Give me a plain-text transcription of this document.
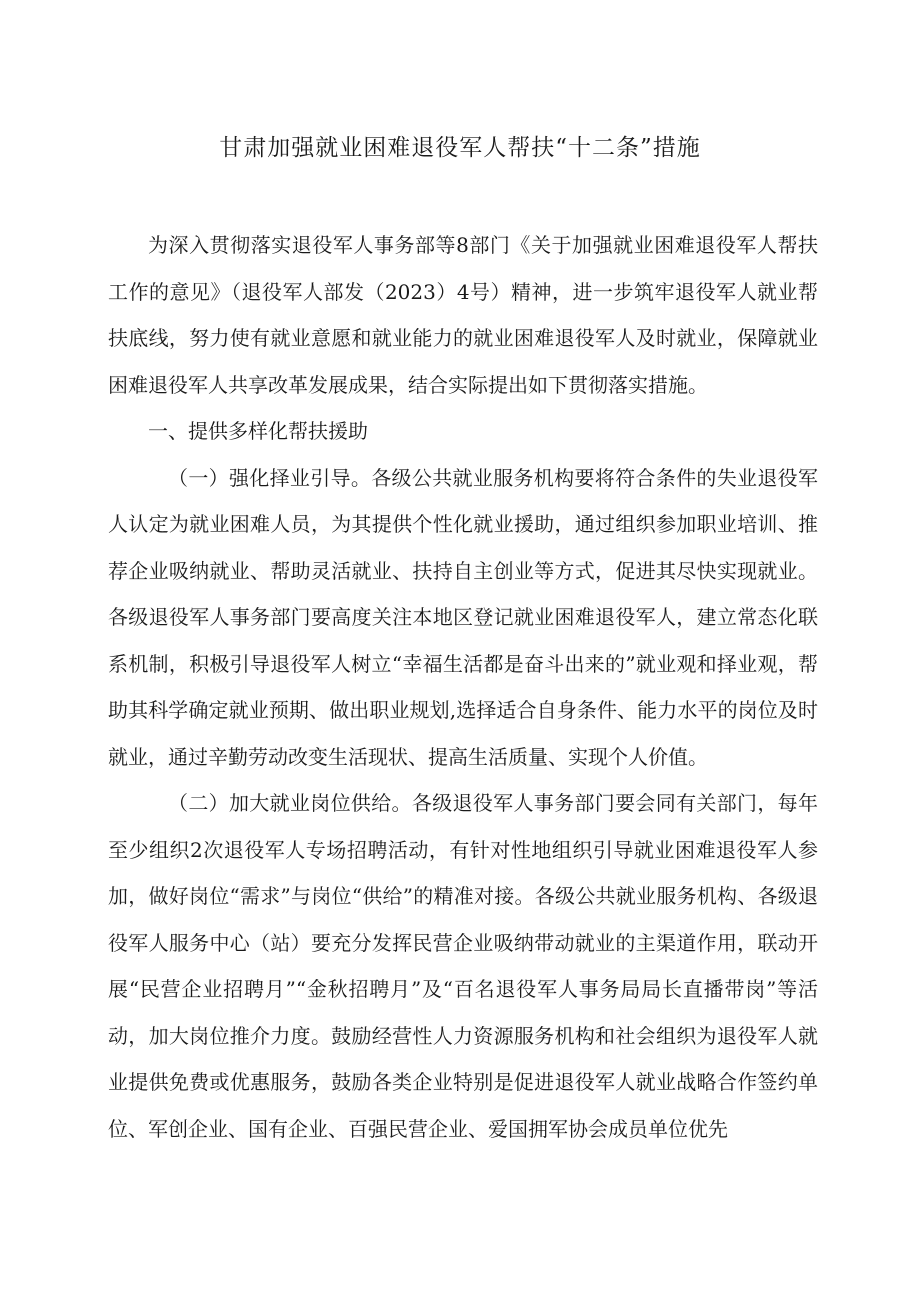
甘肃加强就业困难退役军人帮扶“十二条”措施

为深入贯彻落实退役军人事务部等8部门《关于加强就业困难退役军人帮扶工作的意见》（退役军人部发（2023）4号）精神，进一步筑牢退役军人就业帮扶底线，努力使有就业意愿和就业能力的就业困难退役军人及时就业，保障就业困难退役军人共享改革发展成果，结合实际提出如下贯彻落实措施。

一、提供多样化帮扶援助

（一）强化择业引导。各级公共就业服务机构要将符合条件的失业退役军人认定为就业困难人员，为其提供个性化就业援助，通过组织参加职业培训、推荐企业吸纳就业、帮助灵活就业、扶持自主创业等方式，促进其尽快实现就业。各级退役军人事务部门要高度关注本地区登记就业困难退役军人，建立常态化联系机制，积极引导退役军人树立“幸福生活都是奋斗出来的”就业观和择业观，帮助其科学确定就业预期、做出职业规划,选择适合自身条件、能力水平的岗位及时就业，通过辛勤劳动改变生活现状、提高生活质量、实现个人价值。

（二）加大就业岗位供给。各级退役军人事务部门要会同有关部门，每年至少组织2次退役军人专场招聘活动，有针对性地组织引导就业困难退役军人参加，做好岗位“需求”与岗位“供给”的精准对接。各级公共就业服务机构、各级退役军人服务中心（站）要充分发挥民营企业吸纳带动就业的主渠道作用，联动开展“民营企业招聘月”“金秋招聘月”及“百名退役军人事务局局长直播带岗”等活动，加大岗位推介力度。鼓励经营性人力资源服务机构和社会组织为退役军人就业提供免费或优惠服务，鼓励各类企业特别是促进退役军人就业战略合作签约单位、军创企业、国有企业、百强民营企业、爱国拥军协会成员单位优先
